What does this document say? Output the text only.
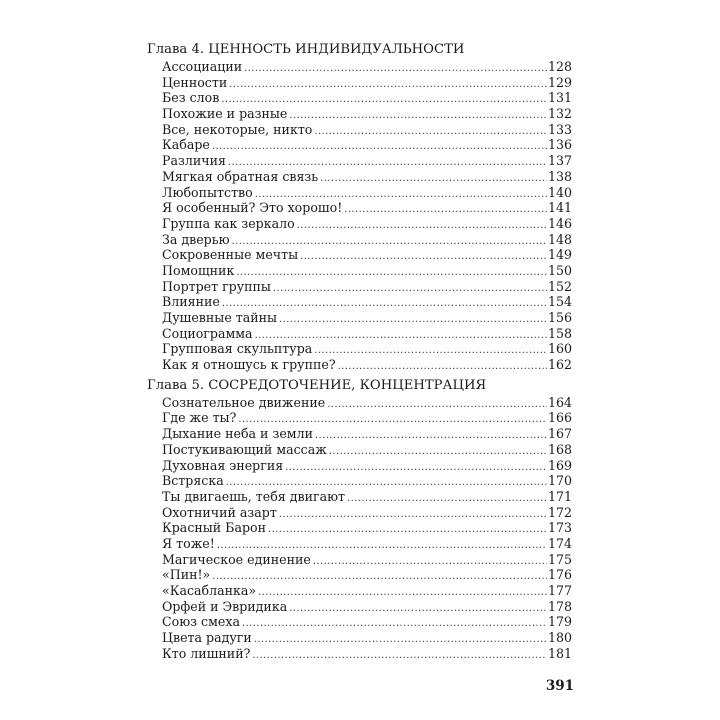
Глава 4. ЦЕННОСТЬ ИНДИВИДУАЛЬНОСТИ
Ассоциации .....	128
Ценности .....	129
Без слов .....	131
Похожие и разные .....	132
Все, некоторые, никто .....	133
Кабаре .....	136
Различия .....	137
Мягкая обратная связь .....	138
Любопытство .....	140
Я особенный? Это хорошо! .....	141
Группа как зеркало .....	146
За дверью .....	148
Сокровенные мечты .....	149
Помощник .....	150
Портрет группы .....	152
Влияние .....	154
Душевные тайны .....	156
Социограмма .....	158
Групповая скульптура .....	160
Как я отношусь к группе? .....	162
Глава 5. СОСРЕДОТОЧЕНИЕ, КОНЦЕНТРАЦИЯ
Сознательное движение .....	164
Где же ты? .....	166
Дыхание неба и земли .....	167
Постукивающий массаж .....	168
Духовная энергия .....	169
Встряска .....	170
Ты двигаешь, тебя двигают .....	171
Охотничий азарт .....	172
Красный Барон .....	173
Я тоже! .....	174
Магическое единение .....	175
«Пин!» .....	176
«Касабланка» .....	177
Орфей и Эвридика .....	178
Союз смеха .....	179
Цвета радуги .....	180
Кто лишний? .....	181
391
